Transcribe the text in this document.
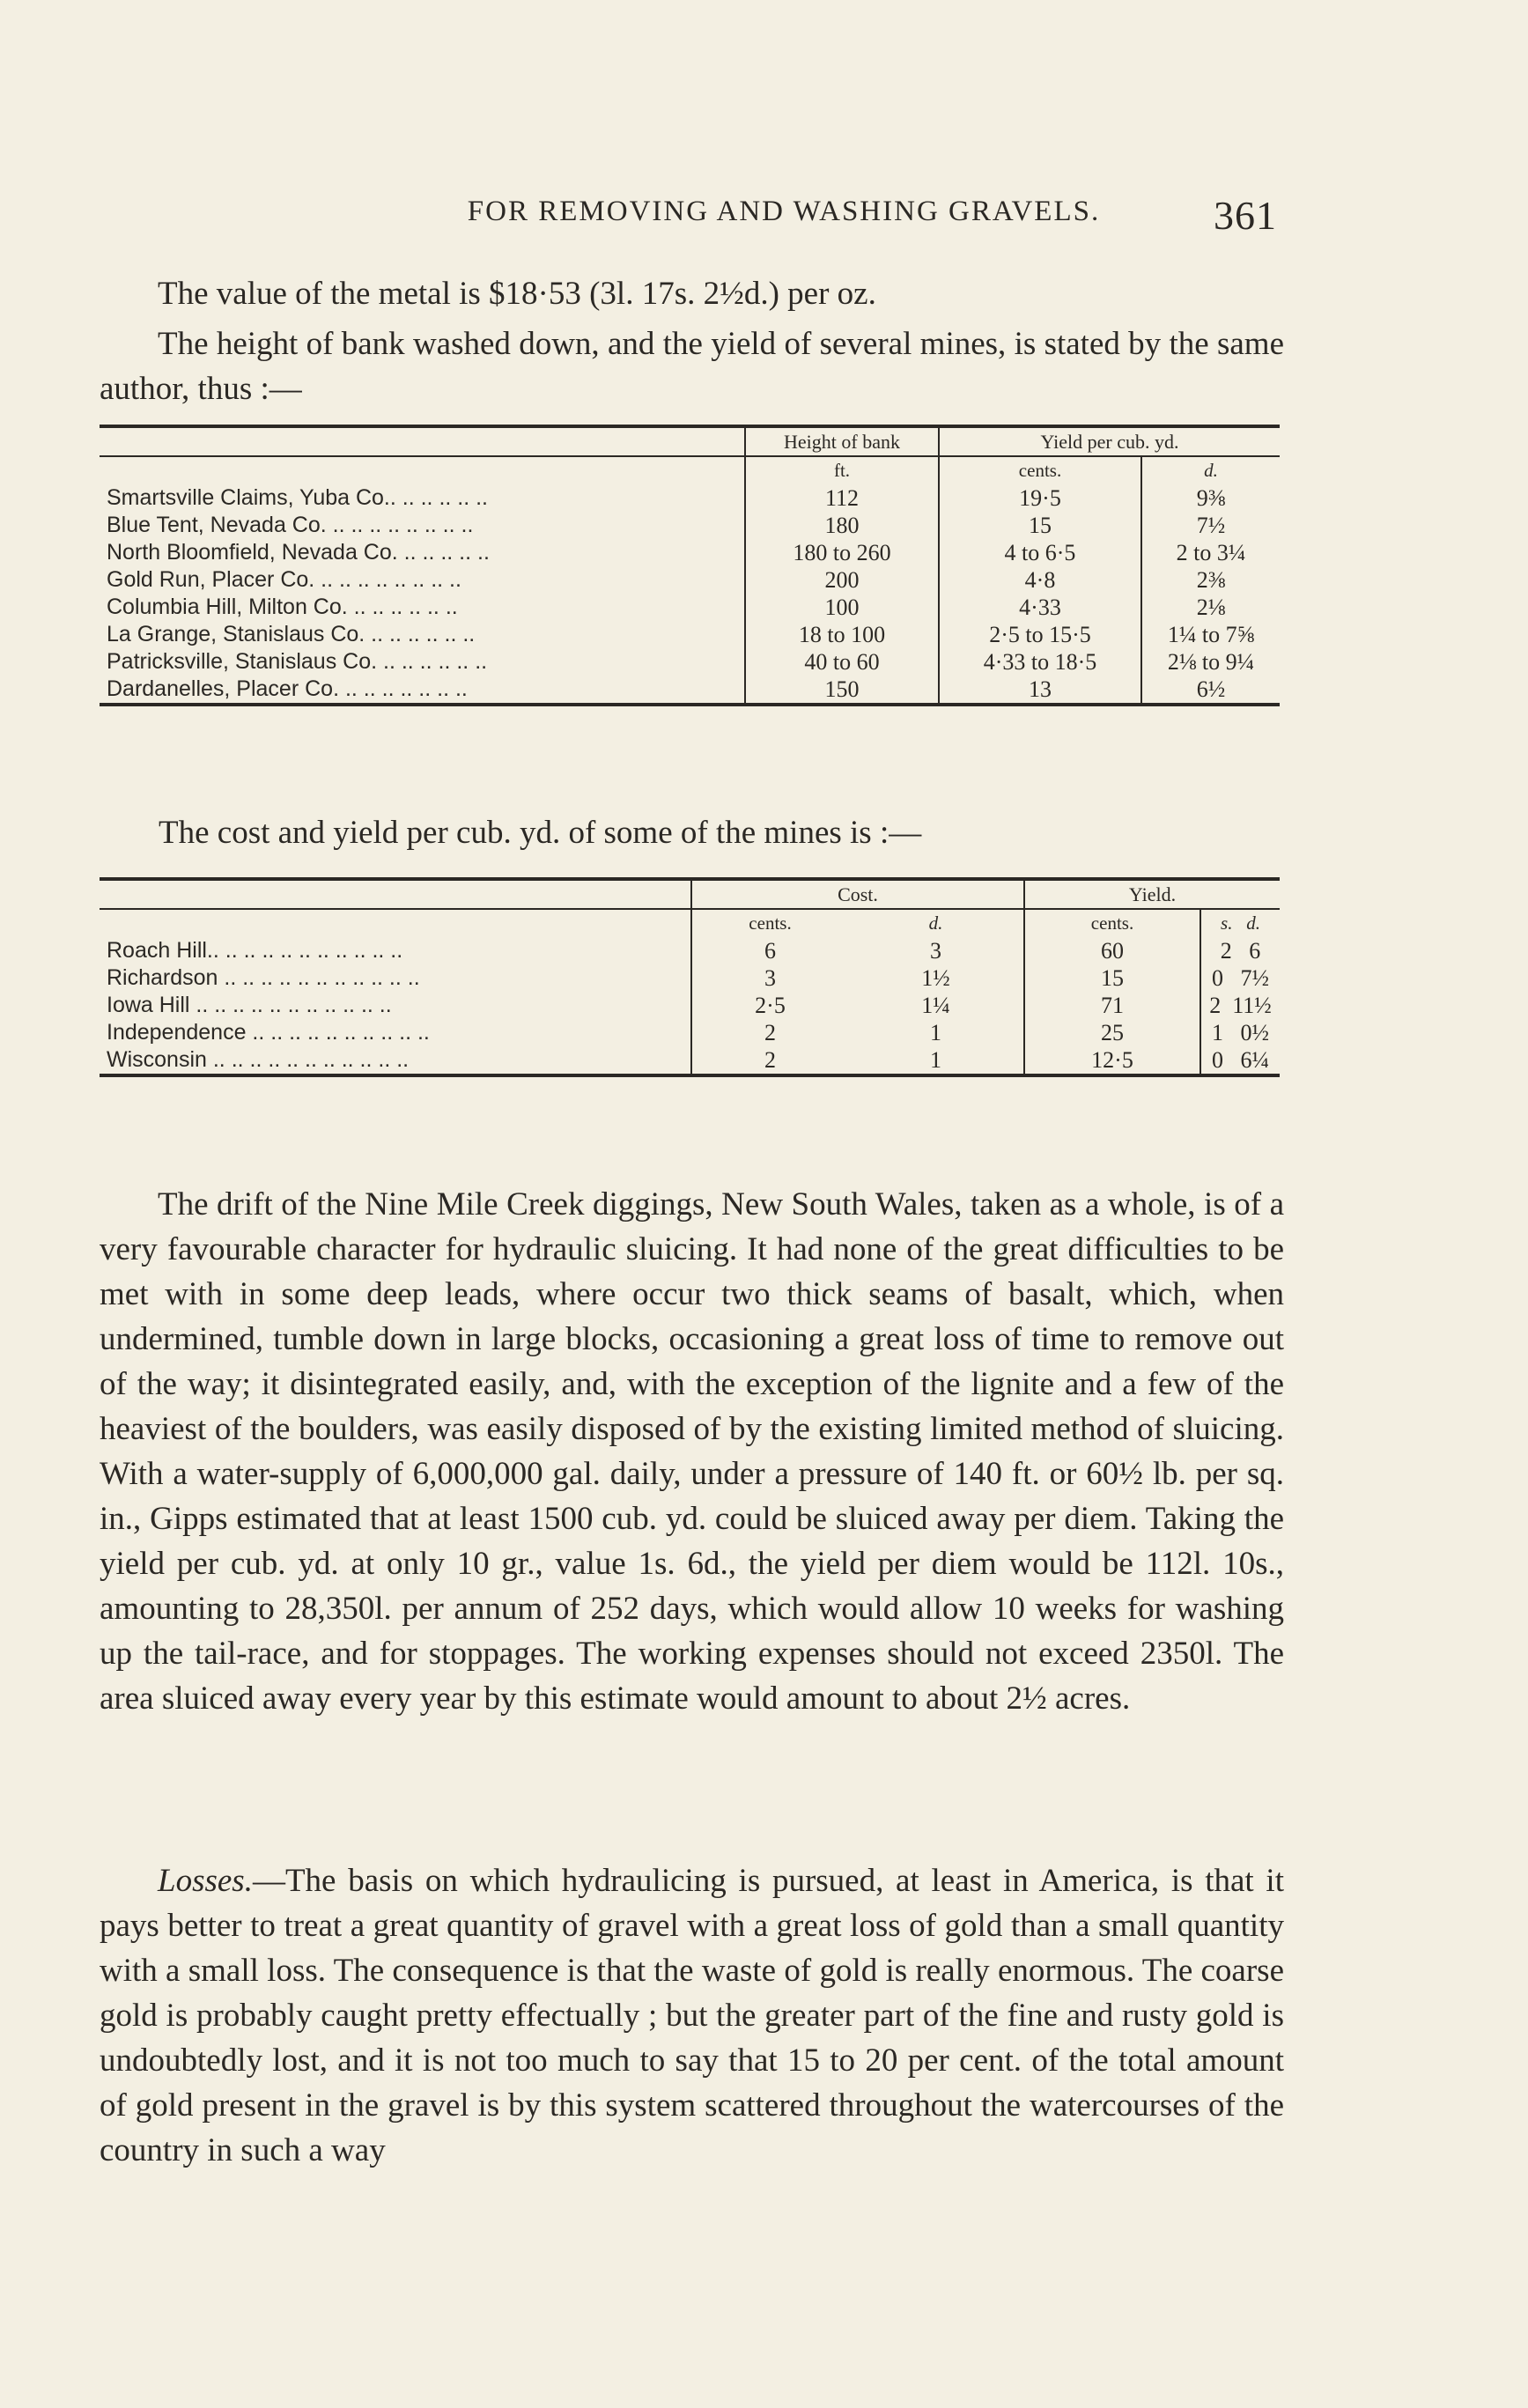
FOR REMOVING AND WASHING GRAVELS.	361
The value of the metal is $18·53 (3l. 17s. 2½d.) per oz.
The height of bank washed down, and the yield of several mines, is stated by the same author, thus :—
	Height of bank	Yield per cub. yd.	
	ft.	cents.	d.
Smartsville Claims, Yuba Co.. .. .. .. .. ..	112	19·5	9⅜
Blue Tent, Nevada Co. .. .. .. .. .. .. .. ..	180	15	7½
North Bloomfield, Nevada Co. .. .. .. .. ..	180 to 260	4 to 6·5	2 to 3¼
Gold Run, Placer Co. .. .. .. .. .. .. .. ..	200	4·8	2⅜
Columbia Hill, Milton Co. .. .. .. .. .. ..	100	4·33	2⅛
La Grange, Stanislaus Co. .. .. .. .. .. ..	18 to 100	2·5 to 15·5	1¼ to 7⅝
Patricksville, Stanislaus Co. .. .. .. .. .. ..	40 to 60	4·33 to 18·5	2⅛ to 9¼
Dardanelles, Placer Co. .. .. .. .. .. .. ..	150	13	6½
The cost and yield per cub. yd. of some of the mines is :—
	Cost.		Yield.	
	cents.	d.	cents.	s.   d.
Roach Hill.. .. .. .. .. .. .. .. .. .. ..	6	3	60	2   6
Richardson .. .. .. .. .. .. .. .. .. .. ..	3	1½	15	0   7½
Iowa Hill .. .. .. .. .. .. .. .. .. .. ..	2·5	1¼	71	2  11½
Independence .. .. .. .. .. .. .. .. .. ..	2	1	25	1   0½
Wisconsin .. .. .. .. .. .. .. .. .. .. ..	2	1	12·5	0   6¼
The drift of the Nine Mile Creek diggings, New South Wales, taken as a whole, is of a very favourable character for hydraulic sluicing. It had none of the great difficulties to be met with in some deep leads, where occur two thick seams of basalt, which, when undermined, tumble down in large blocks, occasioning a great loss of time to remove out of the way; it disintegrated easily, and, with the exception of the lignite and a few of the heaviest of the boulders, was easily disposed of by the existing limited method of sluicing. With a water-supply of 6,000,000 gal. daily, under a pressure of 140 ft. or 60½ lb. per sq. in., Gipps estimated that at least 1500 cub. yd. could be sluiced away per diem. Taking the yield per cub. yd. at only 10 gr., value 1s. 6d., the yield per diem would be 112l. 10s., amounting to 28,350l. per annum of 252 days, which would allow 10 weeks for washing up the tail-race, and for stoppages. The working expenses should not exceed 2350l. The area sluiced away every year by this estimate would amount to about 2½ acres.
Losses.—The basis on which hydraulicing is pursued, at least in America, is that it pays better to treat a great quantity of gravel with a great loss of gold than a small quantity with a small loss. The consequence is that the waste of gold is really enormous. The coarse gold is probably caught pretty effectually ; but the greater part of the fine and rusty gold is undoubtedly lost, and it is not too much to say that 15 to 20 per cent. of the total amount of gold present in the gravel is by this system scattered throughout the watercourses of the country in such a way
